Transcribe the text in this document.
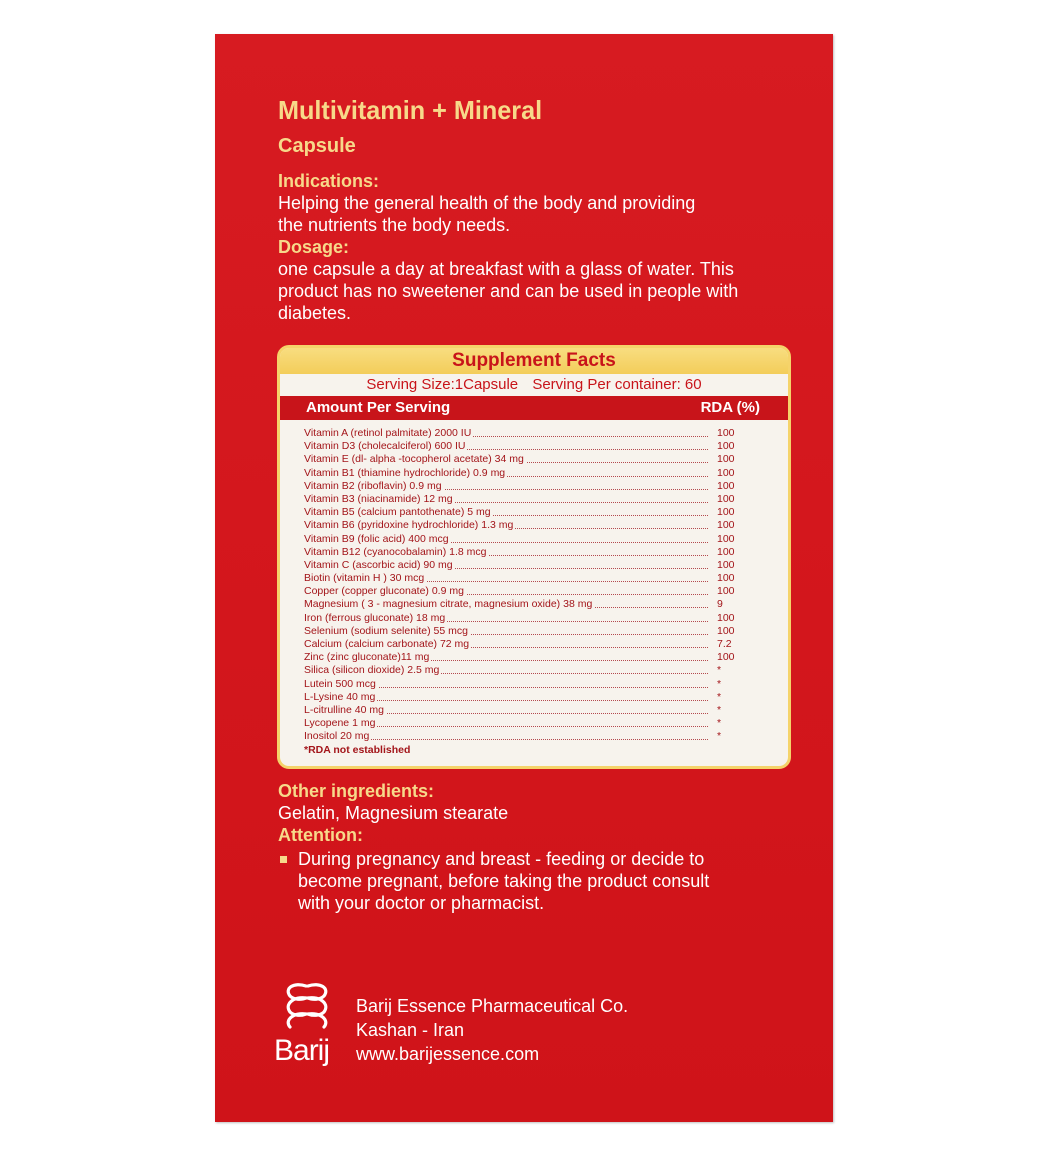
Multivitamin + Mineral
Capsule
Indications:
Helping the general health of the body and providing
the nutrients the body needs.
Dosage:
one capsule a day at breakfast with a glass of water. This
product has no sweetener and can be used in people with
diabetes.
Supplement Facts
Serving Size:1Capsule Serving Per container: 60
Amount Per Serving	RDA (%)
Vitamin A (retinol palmitate) 2000 IU	100
Vitamin D3 (cholecalciferol) 600 IU	100
Vitamin E (dl- alpha -tocopherol acetate) 34 mg	100
Vitamin B1 (thiamine hydrochloride) 0.9 mg	100
Vitamin B2 (riboflavin) 0.9 mg	100
Vitamin B3 (niacinamide) 12 mg	100
Vitamin B5 (calcium pantothenate) 5 mg	100
Vitamin B6 (pyridoxine hydrochloride) 1.3 mg	100
Vitamin B9 (folic acid) 400 mcg	100
Vitamin B12 (cyanocobalamin) 1.8 mcg	100
Vitamin C (ascorbic acid) 90 mg	100
Biotin (vitamin H ) 30 mcg	100
Copper (copper gluconate) 0.9 mg	100
Magnesium ( 3 - magnesium citrate, magnesium oxide) 38 mg	9
Iron (ferrous gluconate) 18 mg	100
Selenium (sodium selenite) 55 mcg	100
Calcium (calcium carbonate) 72 mg	7.2
Zinc (zinc gluconate)11 mg	100
Silica (silicon dioxide) 2.5 mg	*
Lutein 500 mcg	*
L-Lysine 40 mg	*
L-citrulline 40 mg	*
Lycopene 1 mg	*
Inositol 20 mg	*
*RDA not established
Other ingredients:
Gelatin, Magnesium stearate
Attention:
During pregnancy and breast - feeding or decide to
become pregnant, before taking the product consult
with your doctor or pharmacist.
Barij
Barij Essence Pharmaceutical Co.
Kashan - Iran
www.barijessence.com
